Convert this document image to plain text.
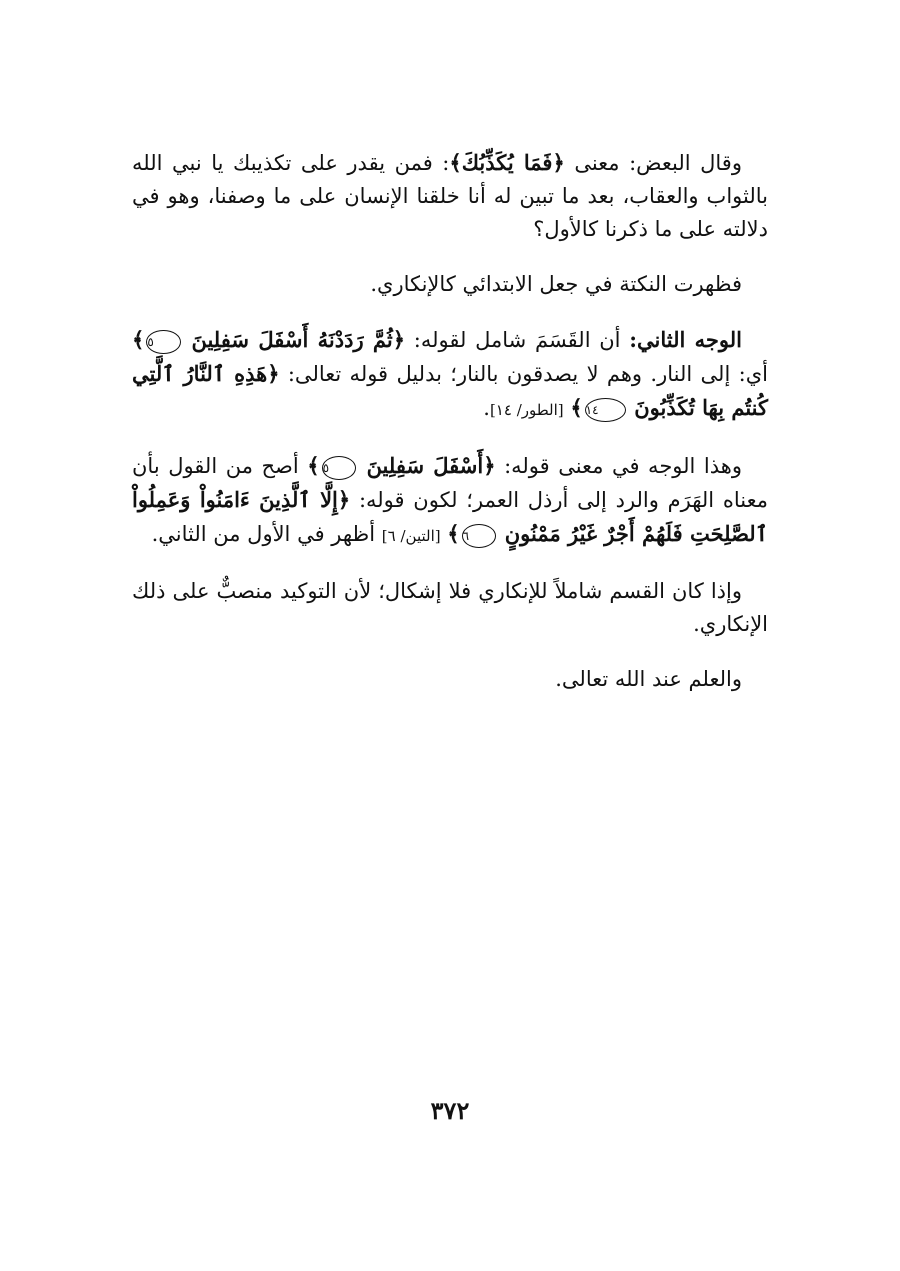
وقال البعض: معنى ﴿فَمَا يُكَذِّبُكَ﴾: فمن يقدر على تكذيبك يا نبي الله بالثواب والعقاب، بعد ما تبين له أنا خلقنا الإنسان على ما وصفنا، وهو في دلالته على ما ذكرنا كالأول؟

فظهرت النكتة في جعل الابتدائي كالإنكاري.

الوجه الثاني: أن القَسَمَ شامل لقوله: ﴿ثُمَّ رَدَدْنَهُ أَسْفَلَ سَفِلِينَ ٥﴾ أي: إلى النار. وهم لا يصدقون بالنار؛ بدليل قوله تعالى: ﴿هَذِهِ ٱلنَّارُ ٱلَّتِي كُنتُم بِهَا تُكَذِّبُونَ ١٤﴾ [الطور/ ١٤].

وهذا الوجه في معنى قوله: ﴿أَسْفَلَ سَفِلِينَ ٥﴾ أصح من القول بأن معناه الهَرَم والرد إلى أرذل العمر؛ لكون قوله: ﴿إِلَّا ٱلَّذِينَ ءَامَنُواْ وَعَمِلُواْ ٱلصَّلِحَتِ فَلَهُمْ أَجْرٌ غَيْرُ مَمْنُونٍ ٦﴾ [التين/ ٦] أظهر في الأول من الثاني.

وإذا كان القسم شاملاً للإنكاري فلا إشكال؛ لأن التوكيد منصبٌّ على ذلك الإنكاري.

والعلم عند الله تعالى.

٣٧٢
